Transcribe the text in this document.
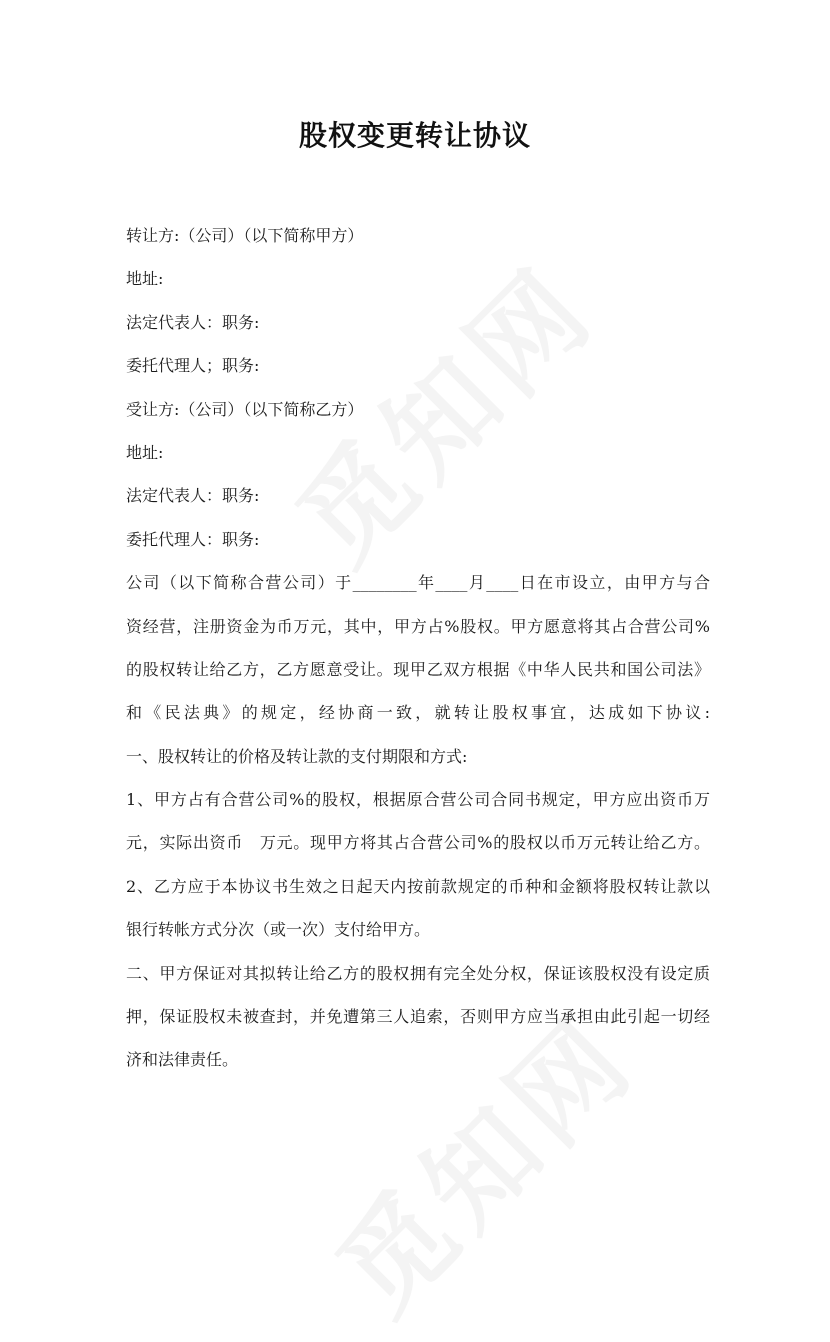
股权变更转让协议
转让方:（公司）（以下简称甲方）
地址:
法定代表人：职务:
委托代理人；职务:
受让方:（公司）（以下简称乙方）
地址:
法定代表人：职务:
委托代理人：职务:
公司（以下简称合营公司）于________年____月____日在市设立，由甲方与合
资经营，注册资金为币万元，其中，甲方占%股权。甲方愿意将其占合营公司%
的股权转让给乙方，乙方愿意受让。现甲乙双方根据《中华人民共和国公司法》
和《民法典》的规定，经协商一致，就转让股权事宜，达成如下协议:
一、股权转让的价格及转让款的支付期限和方式:
1、甲方占有合营公司%的股权，根据原合营公司合同书规定，甲方应出资币万
元，实际出资币　万元。现甲方将其占合营公司%的股权以币万元转让给乙方。
2、乙方应于本协议书生效之日起天内按前款规定的币种和金额将股权转让款以
银行转帐方式分次（或一次）支付给甲方。
二、甲方保证对其拟转让给乙方的股权拥有完全处分权，保证该股权没有设定质
押，保证股权未被查封，并免遭第三人追索，否则甲方应当承担由此引起一切经
济和法律责任。
